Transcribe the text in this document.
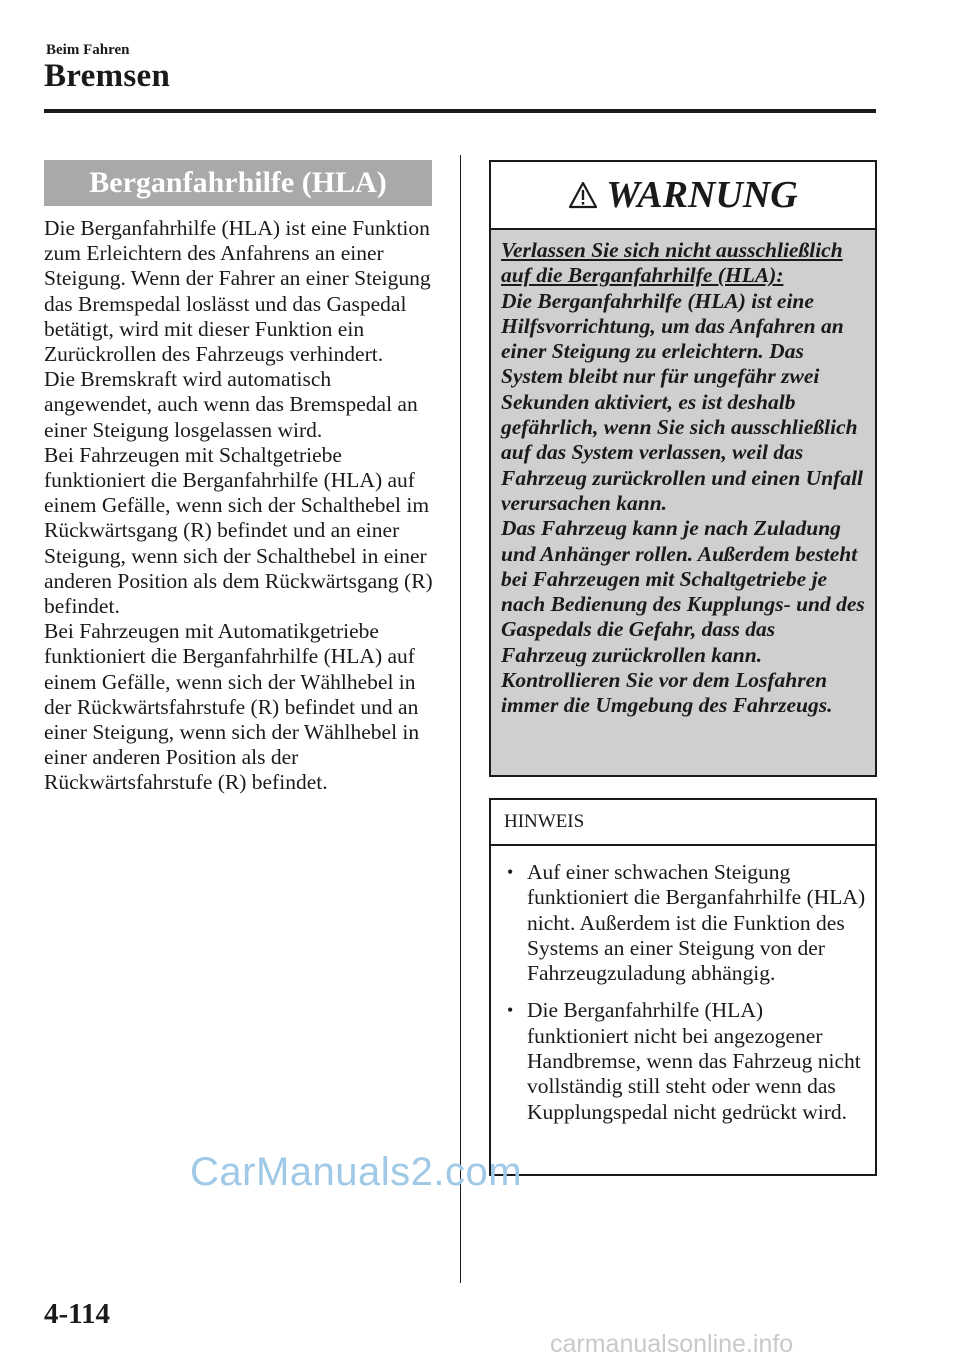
Beim Fahren
Bremsen
Berganfahrhilfe (HLA)

Die Berganfahrhilfe (HLA) ist eine Funktion zum Erleichtern des Anfahrens an einer Steigung. Wenn der Fahrer an einer Steigung das Bremspedal loslässt und das Gaspedal betätigt, wird mit dieser Funktion ein Zurückrollen des Fahrzeugs verhindert.

Die Bremskraft wird automatisch angewendet, auch wenn das Bremspedal an einer Steigung losgelassen wird.

Bei Fahrzeugen mit Schaltgetriebe funktioniert die Berganfahrhilfe (HLA) auf einem Gefälle, wenn sich der Schalthebel im Rückwärtsgang (R) befindet und an einer Steigung, wenn sich der Schalthebel in einer anderen Position als dem Rückwärtsgang (R) befindet.

Bei Fahrzeugen mit Automatikgetriebe funktioniert die Berganfahrhilfe (HLA) auf einem Gefälle, wenn sich der Wählhebel in der Rückwärtsfahrstufe (R) befindet und an einer Steigung, wenn sich der Wählhebel in einer anderen Position als der Rückwärtsfahrstufe (R) befindet.

WARNUNG

Verlassen Sie sich nicht ausschließlich auf die Berganfahrhilfe (HLA):

Die Berganfahrhilfe (HLA) ist eine Hilfsvorrichtung, um das Anfahren an einer Steigung zu erleichtern. Das System bleibt nur für ungefähr zwei Sekunden aktiviert, es ist deshalb gefährlich, wenn Sie sich ausschließlich auf das System verlassen, weil das Fahrzeug zurückrollen und einen Unfall verursachen kann.

Das Fahrzeug kann je nach Zuladung und Anhänger rollen. Außerdem besteht bei Fahrzeugen mit Schaltgetriebe je nach Bedienung des Kupplungs- und des Gaspedals die Gefahr, dass das Fahrzeug zurückrollen kann.

Kontrollieren Sie vor dem Losfahren immer die Umgebung des Fahrzeugs.

HINWEIS
• Auf einer schwachen Steigung funktioniert die Berganfahrhilfe (HLA) nicht. Außerdem ist die Funktion des Systems an einer Steigung von der Fahrzeugzuladung abhängig.
• Die Berganfahrhilfe (HLA) funktioniert nicht bei angezogener Handbremse, wenn das Fahrzeug nicht vollständig still steht oder wenn das Kupplungspedal nicht gedrückt wird.
4-114
CarManuals2.com
carmanualsonline.info
